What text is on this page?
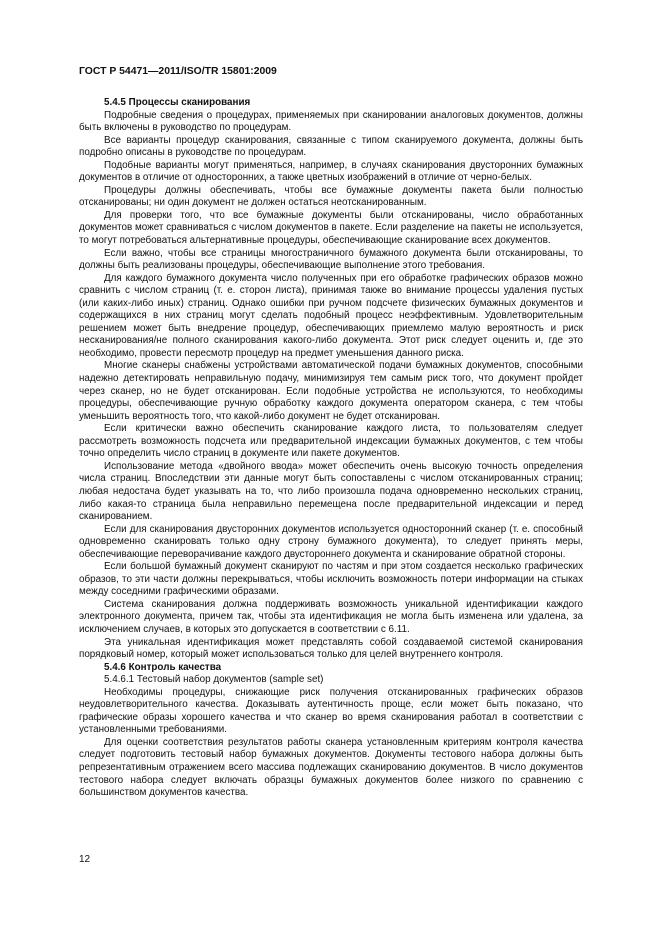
ГОСТ Р 54471—2011/ISO/TR 15801:2009
5.4.5 Процессы сканирования

Подробные сведения о процедурах, применяемых при сканировании аналоговых документов, должны быть включены в руководство по процедурам.

Все варианты процедур сканирования, связанные с типом сканируемого документа, должны быть подробно описаны в руководстве по процедурам.

Подобные варианты могут применяться, например, в случаях сканирования двусторонних бумажных документов в отличие от односторонних, а также цветных изображений в отличие от черно-белых.

Процедуры должны обеспечивать, чтобы все бумажные документы пакета были полностью отсканированы; ни один документ не должен остаться неотсканированным.

Для проверки того, что все бумажные документы были отсканированы, число обработанных документов может сравниваться с числом документов в пакете. Если разделение на пакеты не используется, то могут потребоваться альтернативные процедуры, обеспечивающие сканирование всех документов.

Если важно, чтобы все страницы многостраничного бумажного документа были отсканированы, то должны быть реализованы процедуры, обеспечивающие выполнение этого требования.

Для каждого бумажного документа число полученных при его обработке графических образов можно сравнить с числом страниц (т. е. сторон листа), принимая также во внимание процессы удаления пустых (или каких-либо иных) страниц. Однако ошибки при ручном подсчете физических бумажных документов и содержащихся в них страниц могут сделать подобный процесс неэффективным. Удовлетворительным решением может быть внедрение процедур, обеспечивающих приемлемо малую вероятность и риск несканирования/не полного сканирования какого-либо документа. Этот риск следует оценить и, где это необходимо, провести пересмотр процедур на предмет уменьшения данного риска.

Многие сканеры снабжены устройствами автоматической подачи бумажных документов, способными надежно детектировать неправильную подачу, минимизируя тем самым риск того, что документ пройдет через сканер, но не будет отсканирован. Если подобные устройства не используются, то необходимы процедуры, обеспечивающие ручную обработку каждого документа оператором сканера, с тем чтобы уменьшить вероятность того, что какой-либо документ не будет отсканирован.

Если критически важно обеспечить сканирование каждого листа, то пользователям следует рассмотреть возможность подсчета или предварительной индексации бумажных документов, с тем чтобы точно определить число страниц в документе или пакете документов.

Использование метода «двойного ввода» может обеспечить очень высокую точность определения числа страниц. Впоследствии эти данные могут быть сопоставлены с числом отсканированных страниц; любая недостача будет указывать на то, что либо произошла подача одновременно нескольких страниц, либо какая-то страница была неправильно перемещена после предварительной индексации и перед сканированием.

Если для сканирования двусторонних документов используется односторонний сканер (т. е. способный одновременно сканировать только одну строну бумажного документа), то следует принять меры, обеспечивающие переворачивание каждого двустороннего документа и сканирование обратной стороны.

Если большой бумажный документ сканируют по частям и при этом создается несколько графических образов, то эти части должны перекрываться, чтобы исключить возможность потери информации на стыках между соседними графическими образами.

Система сканирования должна поддерживать возможность уникальной идентификации каждого электронного документа, причем так, чтобы эта идентификация не могла быть изменена или удалена, за исключением случаев, в которых это допускается в соответствии с 6.11.

Эта уникальная идентификация может представлять собой создаваемой системой сканирования порядковый номер, который может использоваться только для целей внутреннего контроля.

5.4.6 Контроль качества
5.4.6.1 Тестовый набор документов (sample set)

Необходимы процедуры, снижающие риск получения отсканированных графических образов неудовлетворительного качества. Доказывать аутентичность проще, если может быть показано, что графические образы хорошего качества и что сканер во время сканирования работал в соответствии с установленными требованиями.

Для оценки соответствия результатов работы сканера установленным критериям контроля качества следует подготовить тестовый набор бумажных документов. Документы тестового набора должны быть репрезентативным отражением всего массива подлежащих сканированию документов. В число документов тестового набора следует включать образцы бумажных документов более низкого по сравнению с большинством документов качества.

12
